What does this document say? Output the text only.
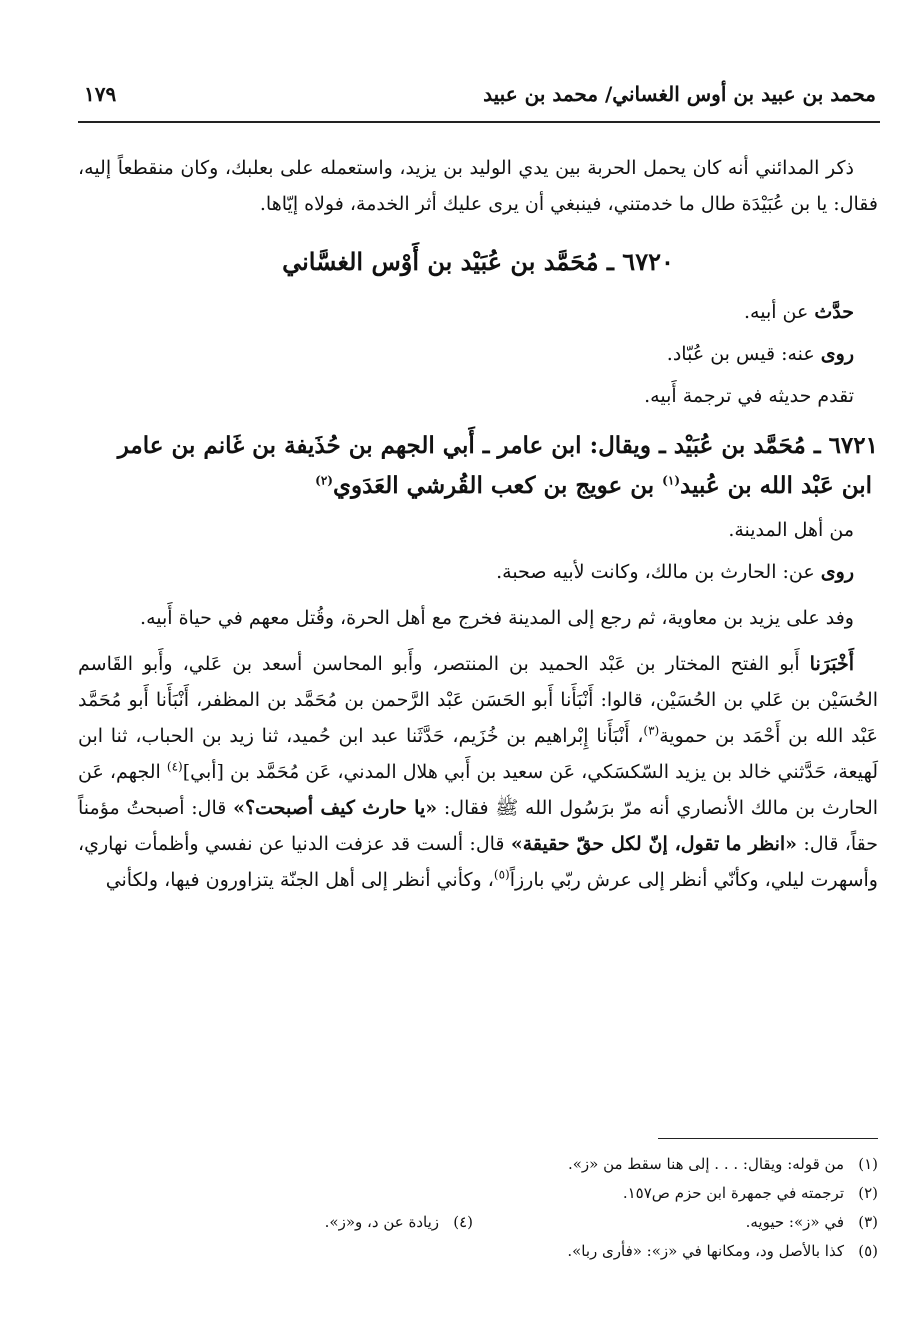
محمد بن عبيد بن أوس الغساني/ محمد بن عبيد
١٧٩

ذكر المدائني أنه كان يحمل الحربة بين يدي الوليد بن يزيد، واستعمله على بعلبك، وكان منقطعاً إليه، فقال: يا بن عُبَيْدَة طال ما خدمتني، فينبغي أن يرى عليك أثر الخدمة، فولاه إيّاها.

٦٧٢٠ ـ مُحَمَّد بن عُبَيْد بن أَوْس الغسَّاني
حدَّث عن أبيه.
روى عنه: قيس بن عُبّاد.
تقدم حديثه في ترجمة أَبيه.
٦٧٢١ ـ مُحَمَّد بن عُبَيْد ـ ويقال: ابن عامر ـ أَبي الجهم بن حُذَيفة بن غَانم بن عامر
ابن عَبْد الله بن عُبيد$^{(١)}$ بن عويج بن كعب القُرشي العَدَوي$^{(٢)}$
من أهل المدينة.
روى عن: الحارث بن مالك، وكانت لأبيه صحبة.

وفد على يزيد بن معاوية، ثم رجع إلى المدينة فخرج مع أهل الحرة، وقُتل معهم في حياة أَبيه.

أَخْبَرَنا أَبو الفتح المختار بن عَبْد الحميد بن المنتصر، وأَبو المحاسن أسعد بن عَلي، وأَبو القَاسم الحُسَيْن بن عَلي بن الحُسَيْن، قالوا: أَنْبَأَنا أَبو الحَسَن عَبْد الرَّحمن بن مُحَمَّد بن المظفر، أَنْبَأَنا أَبو مُحَمَّد عَبْد الله بن أَحْمَد بن حموية$^{(٣)}$، أَنْبَأَنا إِبْراهيم بن خُزَيم، حَدَّثَنا عبد ابن حُميد، ثنا زيد بن الحباب، ثنا ابن لَهيعة، حَدَّثني خالد بن يزيد السّكسَكي، عَن سعيد بن أَبي هلال المدني، عَن مُحَمَّد بن [أبي]$^{(٤)}$ الجهم، عَن الحارث بن مالك الأنصاري أنه مرّ برَسُول الله ﷺ فقال: «يا حارث كيف أصبحت؟» قال: أصبحتُ مؤمناً حقاً، قال: «انظر ما تقول، إنّ لكل حقّ حقيقة» قال: ألست قد عزفت الدنيا عن نفسي وأظمأت نهاري، وأسهرت ليلي، وكأنّي أنظر إلى عرش ربّي بارزاً$^{(٥)}$، وكأني أنظر إلى أهل الجنّة يتزاورون فيها، ولكأني

(١)من قوله: ويقال: . . . إلى هنا سقط من «ز».
(٢)ترجمته في جمهرة ابن حزم ص١٥٧.
(٣)في «ز»: حيويه.
(٤)زيادة عن د، و«ز».
(٥)كذا بالأصل ود، ومكانها في «ز»: «فأرى ربا».
